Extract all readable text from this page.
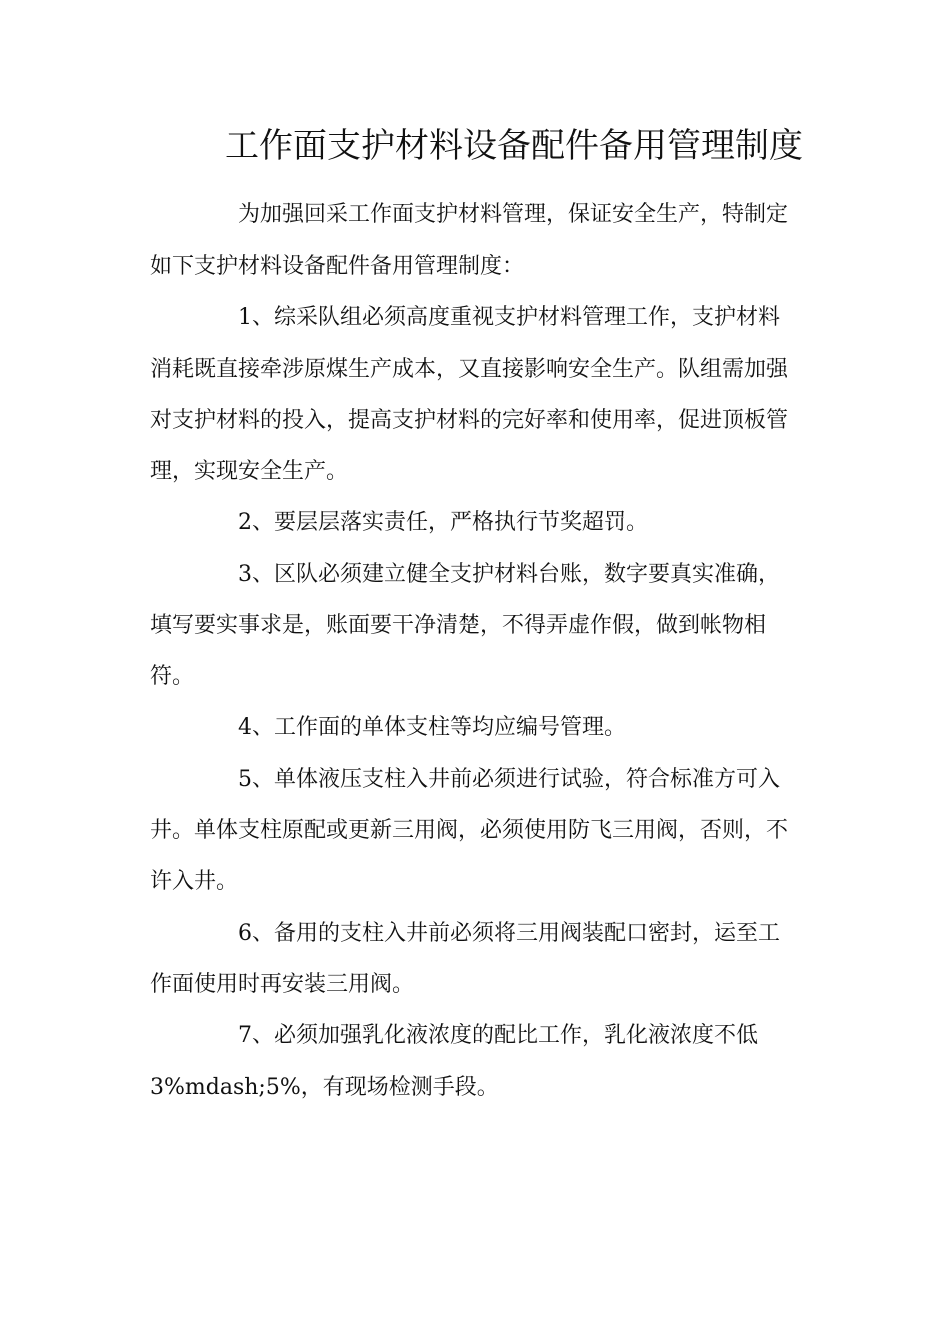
工作面支护材料设备配件备用管理制度

为加强回采工作面支护材料管理，保证安全生产，特制定

如下支护材料设备配件备用管理制度：

1、综采队组必须高度重视支护材料管理工作，支护材料

消耗既直接牵涉原煤生产成本，又直接影响安全生产。队组需加强

对支护材料的投入，提高支护材料的完好率和使用率，促进顶板管

理，实现安全生产。

2、要层层落实责任，严格执行节奖超罚。

3、区队必须建立健全支护材料台账，数字要真实准确，

填写要实事求是，账面要干净清楚，不得弄虚作假，做到帐物相

符。

4、工作面的单体支柱等均应编号管理。

5、单体液压支柱入井前必须进行试验，符合标准方可入

井。单体支柱原配或更新三用阀，必须使用防飞三用阀，否则，不

许入井。

6、备用的支柱入井前必须将三用阀装配口密封，运至工

作面使用时再安装三用阀。

7、必须加强乳化液浓度的配比工作，乳化液浓度不低

3%mdash;5%，有现场检测手段。
